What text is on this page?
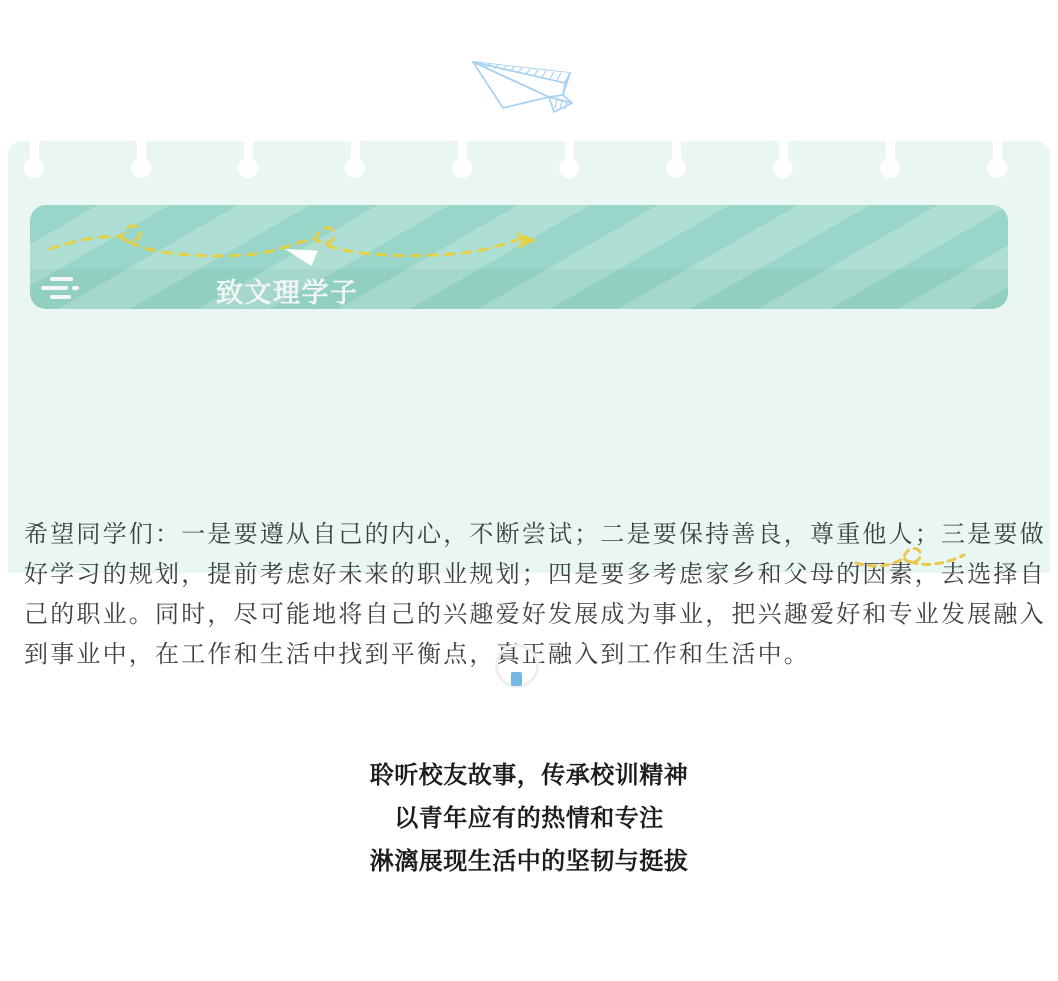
致文理学子
希望同学们：一是要遵从自己的内心，不断尝试；二是要保持善良，尊重他人；三是要做好学习的规划，提前考虑好未来的职业规划；四是要多考虑家乡和父母的因素，去选择自己的职业。同时，尽可能地将自己的兴趣爱好发展成为事业，把兴趣爱好和专业发展融入到事业中，在工作和生活中找到平衡点，真正融入到工作和生活中。
聆听校友故事，传承校训精神
以青年应有的热情和专注
淋漓展现生活中的坚韧与挺拔
